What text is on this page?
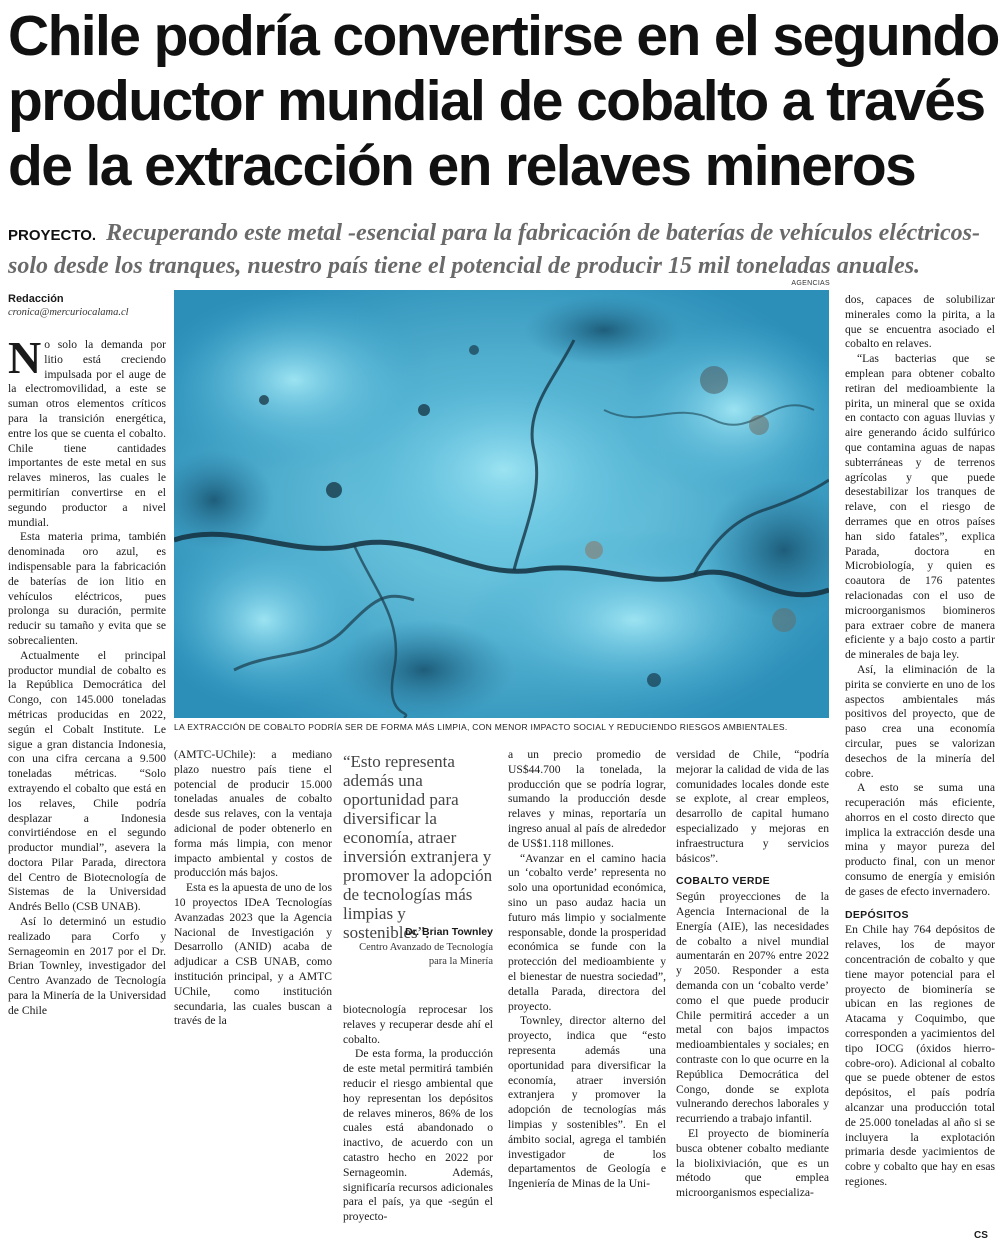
Chile podría convertirse en el segundo
productor mundial de cobalto a través
de la extracción en relaves mineros
PROYECTO. Recuperando este metal -esencial para la fabricación de baterías de vehículos eléctricos- solo desde los tranques, nuestro país tiene el potencial de producir 15 mil toneladas anuales.
Redacción
cronica@mercuriocalama.cl
AGENCIAS
LA EXTRACCIÓN DE COBALTO PODRÍA SER DE FORMA MÁS LIMPIA, CON MENOR IMPACTO SOCIAL Y REDUCIENDO RIESGOS AMBIENTALES.

No solo la demanda por litio está creciendo impulsada por el auge de la electromovilidad, a este se suman otros elementos críticos para la transición energética, entre los que se cuenta el cobalto. Chile tiene cantidades importantes de este metal en sus relaves mineros, las cuales le permitirían convertirse en el segundo productor a nivel mundial.

Esta materia prima, también denominada oro azul, es indispensable para la fabricación de baterías de ion litio en vehículos eléctricos, pues prolonga su duración, permite reducir su tamaño y evita que se sobrecalienten.

Actualmente el principal productor mundial de cobalto es la República Democrática del Congo, con 145.000 toneladas métricas producidas en 2022, según el Cobalt Institute. Le sigue a gran distancia Indonesia, con una cifra cercana a 9.500 toneladas métricas. “Solo extrayendo el cobalto que está en los relaves, Chile podría desplazar a Indonesia convirtiéndose en el segundo productor mundial”, asevera la doctora Pilar Parada, directora del Centro de Biotecnología de Sistemas de la Universidad Andrés Bello (CSB UNAB).

Así lo determinó un estudio realizado para Corfo y Sernageomin en 2017 por el Dr. Brian Townley, investigador del Centro Avanzado de Tecnología para la Minería de la Universidad de Chile

(AMTC-UChile): a mediano plazo nuestro país tiene el potencial de producir 15.000 toneladas anuales de cobalto desde sus relaves, con la ventaja adicional de poder obtenerlo en forma más limpia, con menor impacto ambiental y costos de producción más bajos.

Esta es la apuesta de uno de los 10 proyectos IDeA Tecnologías Avanzadas 2023 que la Agencia Nacional de Investigación y Desarrollo (ANID) acaba de adjudicar a CSB UNAB, como institución principal, y a AMTC UChile, como institución secundaria, las cuales buscan a través de la

“Esto representa además una oportunidad para diversificar la economía, atraer inversión extranjera y promover la adopción de tecnologías más limpias y sostenibles”.
Dr. Brian Townley
Centro Avanzado de Tecnología para la Minería

biotecnología reprocesar los relaves y recuperar desde ahí el cobalto.

De esta forma, la producción de este metal permitirá también reducir el riesgo ambiental que hoy representan los depósitos de relaves mineros, 86% de los cuales está abandonado o inactivo, de acuerdo con un catastro hecho en 2022 por Sernageomin. Además, significaría recursos adicionales para el país, ya que -según el proyecto-

a un precio promedio de US$44.700 la tonelada, la producción que se podría lograr, sumando la producción desde relaves y minas, reportaría un ingreso anual al país de alrededor de US$1.118 millones.

“Avanzar en el camino hacia un ‘cobalto verde’ representa no solo una oportunidad económica, sino un paso audaz hacia un futuro más limpio y socialmente responsable, donde la prosperidad económica se funde con la protección del medioambiente y el bienestar de nuestra sociedad”, detalla Parada, directora del proyecto.

Townley, director alterno del proyecto, indica que “esto representa además una oportunidad para diversificar la economía, atraer inversión extranjera y promover la adopción de tecnologías más limpias y sostenibles”. En el ámbito social, agrega el también investigador de los departamentos de Geología e Ingeniería de Minas de la Uni-

versidad de Chile, “podría mejorar la calidad de vida de las comunidades locales donde este se explote, al crear empleos, desarrollo de capital humano especializado y mejoras en infraestructura y servicios básicos”.

COBALTO VERDE

Según proyecciones de la Agencia Internacional de la Energía (AIE), las necesidades de cobalto a nivel mundial aumentarán en 207% entre 2022 y 2050. Responder a esta demanda con un ‘cobalto verde’ como el que puede producir Chile permitirá acceder a un metal con bajos impactos medioambientales y sociales; en contraste con lo que ocurre en la República Democrática del Congo, donde se explota vulnerando derechos laborales y recurriendo a trabajo infantil.

El proyecto de biominería busca obtener cobalto mediante la biolixiviación, que es un método que emplea microorganismos especializa-

dos, capaces de solubilizar minerales como la pirita, a la que se encuentra asociado el cobalto en relaves.

“Las bacterias que se emplean para obtener cobalto retiran del medioambiente la pirita, un mineral que se oxida en contacto con aguas lluvias y aire generando ácido sulfúrico que contamina aguas de napas subterráneas y de terrenos agrícolas y que puede desestabilizar los tranques de relave, con el riesgo de derrames que en otros países han sido fatales”, explica Parada, doctora en Microbiología, y quien es coautora de 176 patentes relacionadas con el uso de microorganismos biomineros para extraer cobre de manera eficiente y a bajo costo a partir de minerales de baja ley.

Así, la eliminación de la pirita se convierte en uno de los aspectos ambientales más positivos del proyecto, que de paso crea una economía circular, pues se valorizan desechos de la minería del cobre.

A esto se suma una recuperación más eficiente, ahorros en el costo directo que implica la extracción desde una mina y mayor pureza del producto final, con un menor consumo de energía y emisión de gases de efecto invernadero.

DEPÓSITOS

En Chile hay 764 depósitos de relaves, los de mayor concentración de cobalto y que tiene mayor potencial para el proyecto de biominería se ubican en las regiones de Atacama y Coquimbo, que corresponden a yacimientos del tipo IOCG (óxidos hierro-cobre-oro). Adicional al cobalto que se puede obtener de estos depósitos, el país podría alcanzar una producción total de 25.000 toneladas al año si se incluyera la explotación primaria desde yacimientos de cobre y cobalto que hay en esas regiones.

CS
